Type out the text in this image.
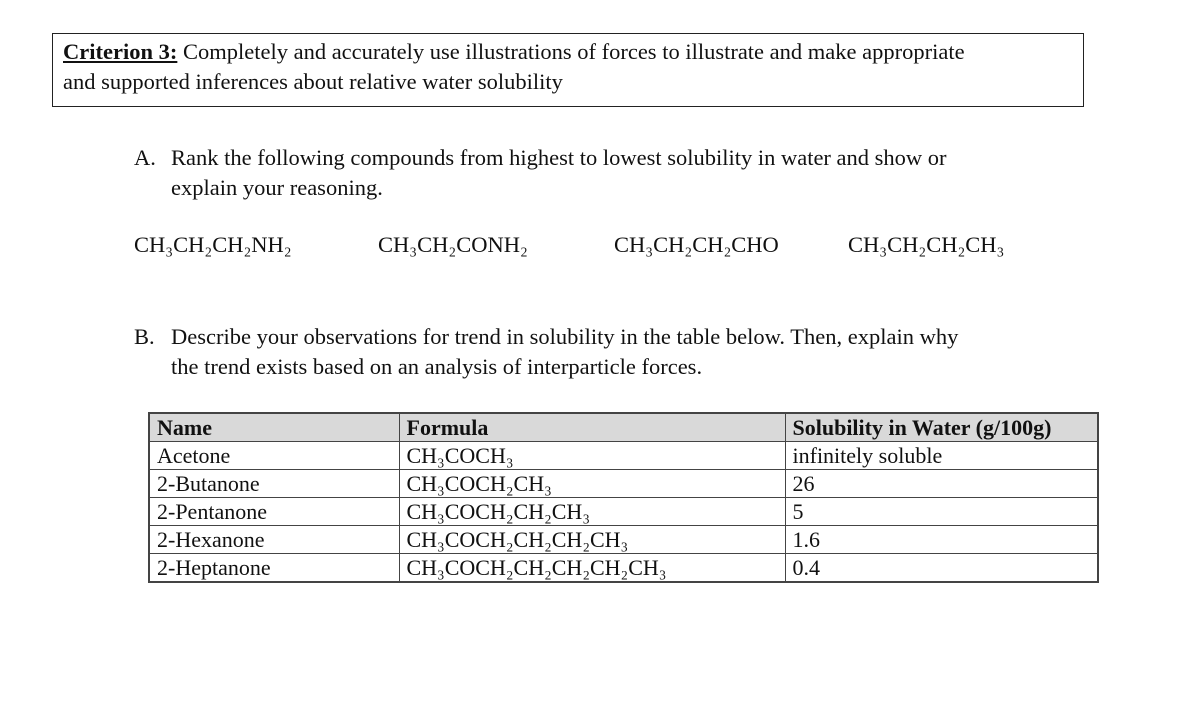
Criterion 3: Completely and accurately use illustrations of forces to illustrate and make appropriate
and supported inferences about relative water solubility
A. Rank the following compounds from highest to lowest solubility in water and show or
explain your reasoning.
CH₃CH₂CH₂NH₂	CH₃CH₂CONH₂	CH₃CH₂CH₂CHO	CH₃CH₂CH₂CH₃
B. Describe your observations for trend in solubility in the table below. Then, explain why
the trend exists based on an analysis of interparticle forces.
Name	Formula	Solubility in Water (g/100g)
Acetone	CH₃COCH₃	infinitely soluble
2-Butanone	CH₃COCH₂CH₃	26
2-Pentanone	CH₃COCH₂CH₂CH₃	5
2-Hexanone	CH₃COCH₂CH₂CH₂CH₃	1.6
2-Heptanone	CH₃COCH₂CH₂CH₂CH₂CH₃	0.4
